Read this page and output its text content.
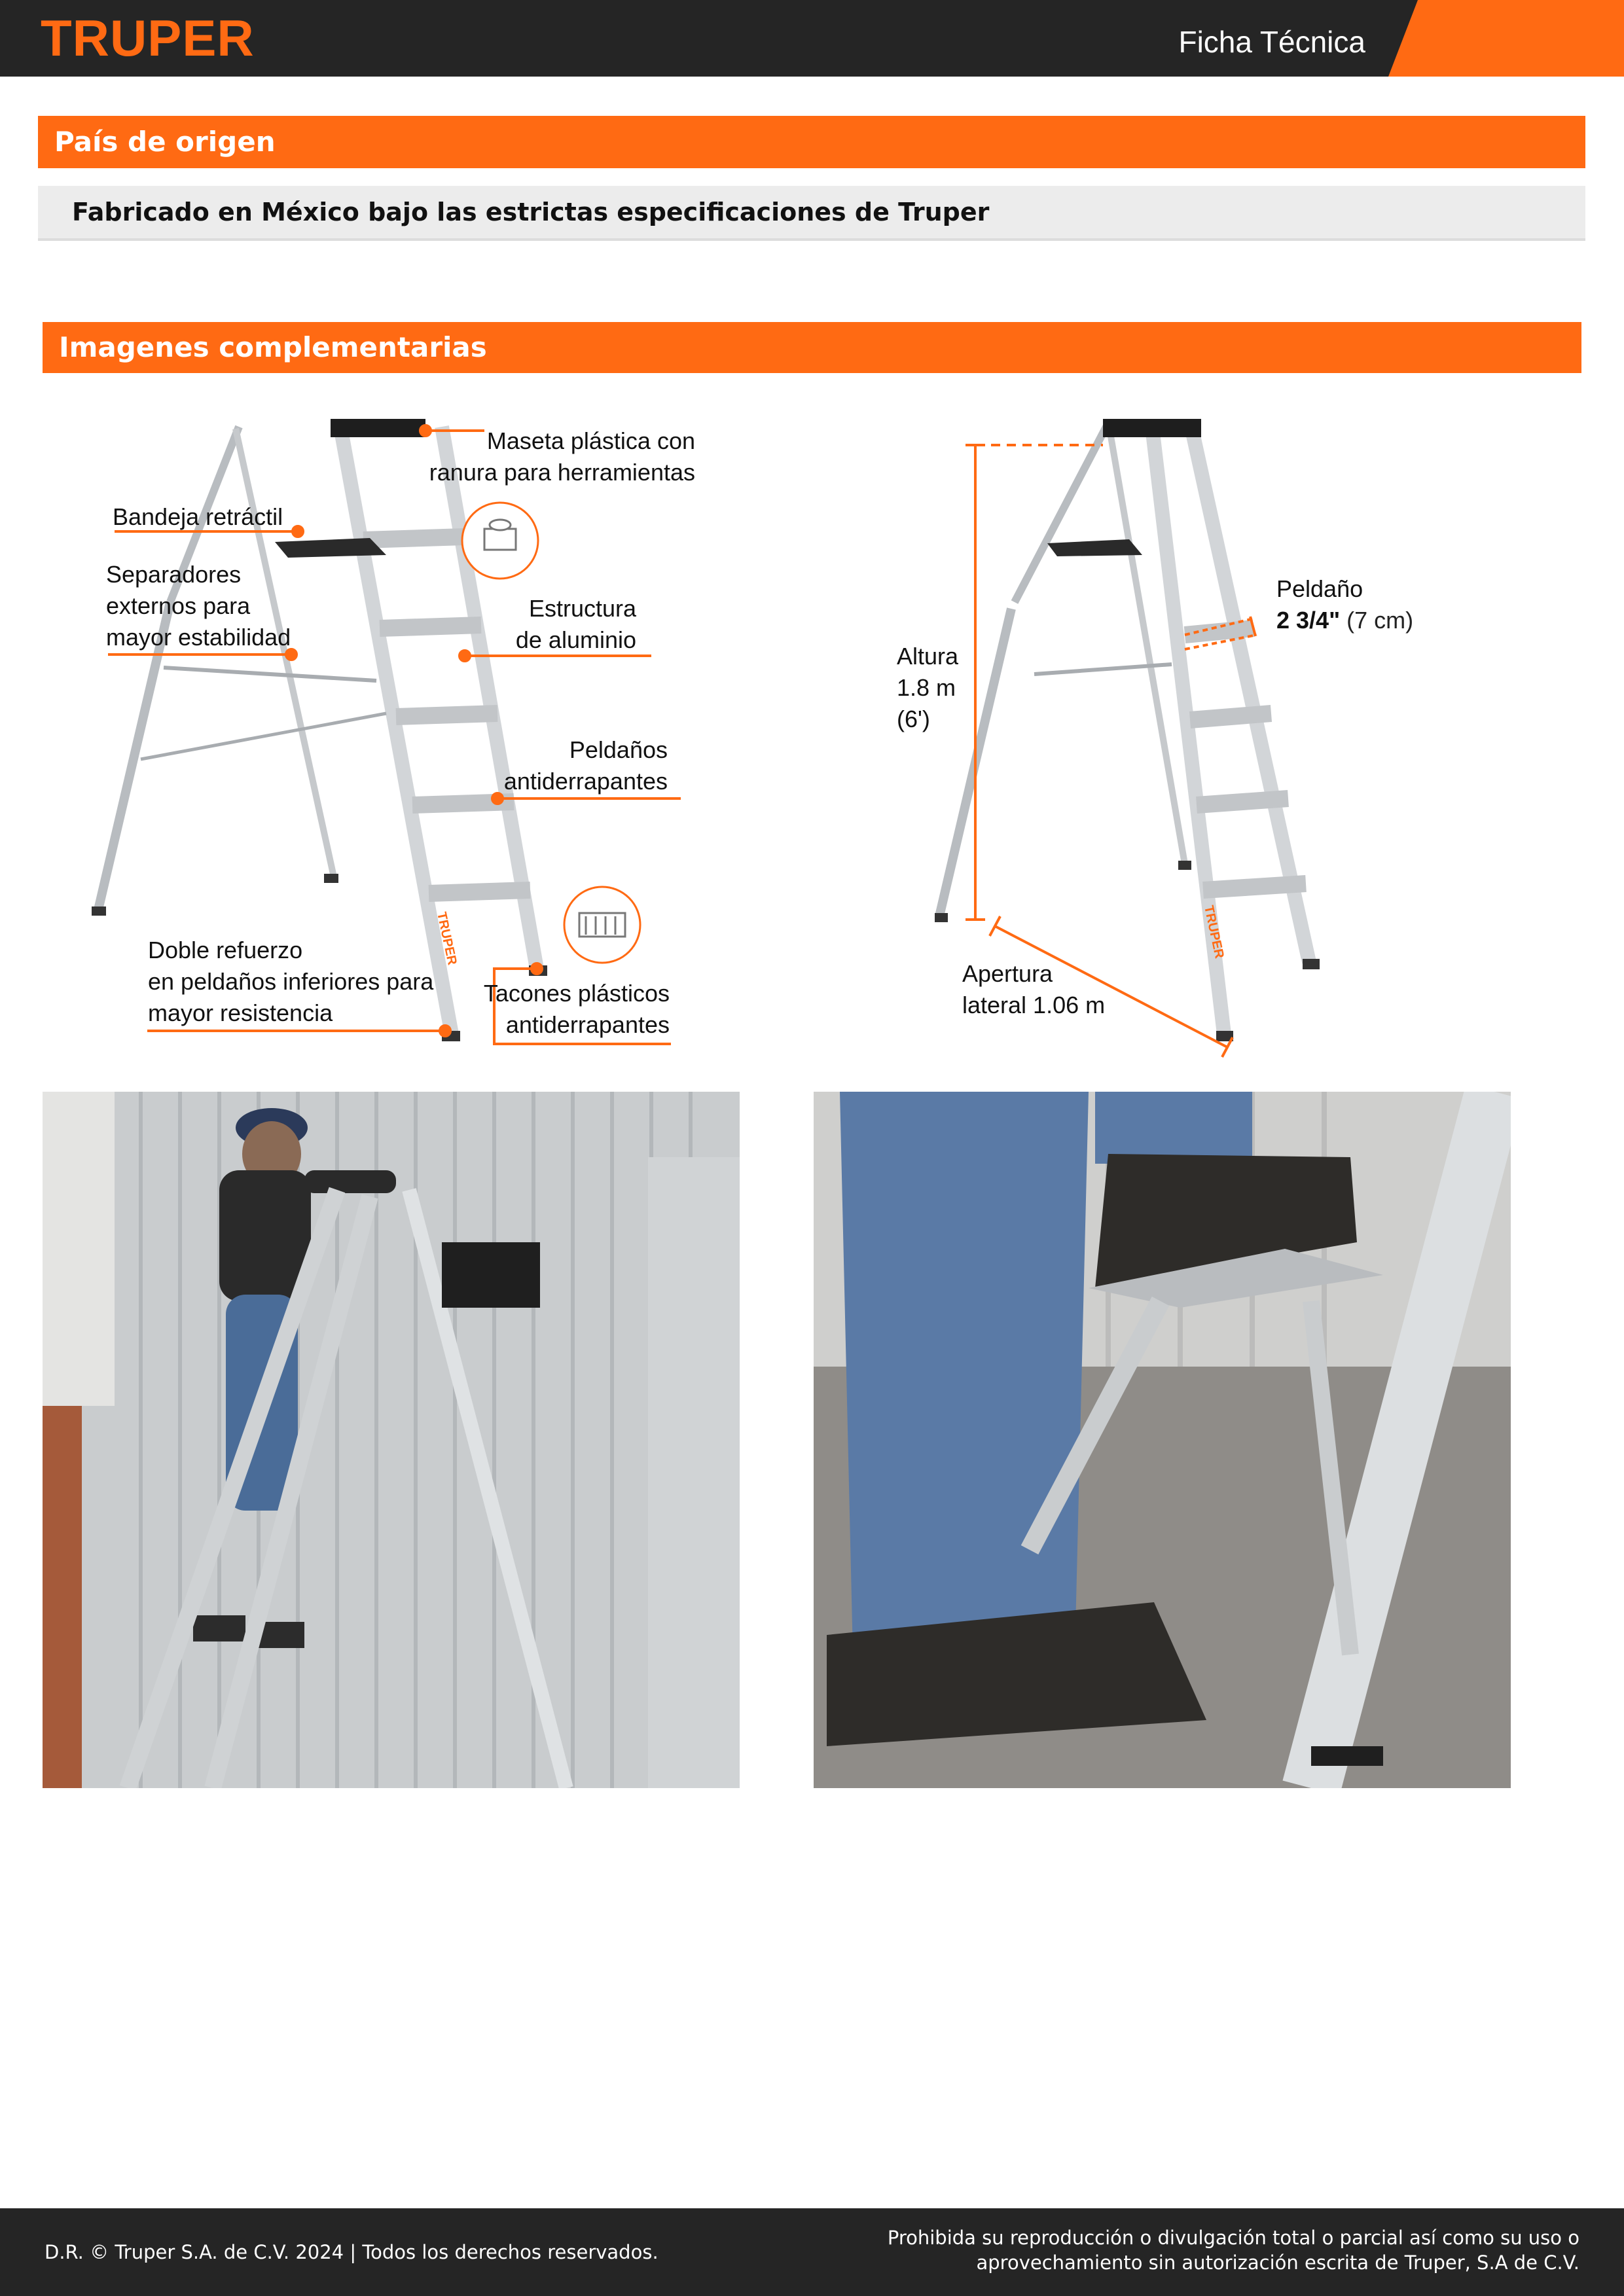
TRUPER	Ficha Técnica
País de origen
Fabricado en México bajo las estrictas especificaciones de Truper
Imagenes complementarias
TRUPER
Maseta plástica con
ranura para herramientas
Bandeja retráctil
Separadores
externos para
mayor estabilidad
Estructura
de aluminio
Peldaños
antiderrapantes
Doble refuerzo
en peldaños inferiores para
mayor resistencia
Tacones plásticos
antiderrapantes
TRUPER
Altura
1.8 m
(6')
Peldaño
2 3/4" (7 cm)
Apertura
lateral 1.06 m
D.R. © Truper S.A. de C.V. 2024 | Todos los derechos reservados.
Prohibida su reproducción o divulgación total o parcial así como su uso o
aprovechamiento sin autorización escrita de Truper, S.A de C.V.
